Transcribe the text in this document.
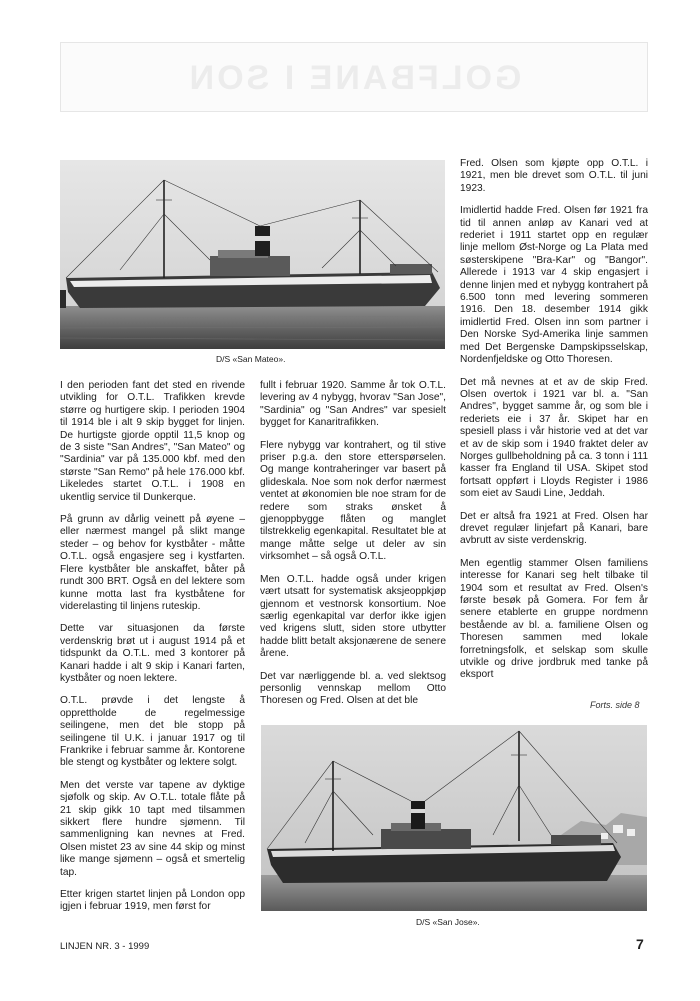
GOLFBANE I SON
D/S «San Mateo».

I den perioden fant det sted en rivende utvikling for O.T.L. Trafikken krevde større og hurtigere skip. I perioden 1904 til 1914 ble i alt 9 skip bygget for linjen. De hurtigste gjorde opptil 11,5 knop og de 3 siste "San Andres", "San Mateo" og "Sardinia" var på 135.000 kbf. med den største "San Remo" på hele 176.000 kbf. Likeledes startet O.T.L. i 1908 en ukentlig service til Dunkerque.

På grunn av dårlig veinett på øyene – eller nærmest mangel på slikt mange steder – og behov for kystbåter - måtte O.T.L. også engasjere seg i kystfarten. Flere kystbåter ble anskaffet, båter på rundt 300 BRT. Også en del lektere som kunne motta last fra kystbåtene for viderelasting til linjens ruteskip.

Dette var situasjonen da første verdenskrig brøt ut i august 1914 på et tidspunkt da O.T.L. med 3 kontorer på Kanari hadde i alt 9 skip i Kanari farten, kystbåter og noen lektere.

O.T.L. prøvde i det lengste å opprettholde de regelmessige seilingene, men det ble stopp på seilingene til U.K. i januar 1917 og til Frankrike i februar samme år. Kontorene ble stengt og kystbåter og lektere solgt.

Men det verste var tapene av dyktige sjøfolk og skip. Av O.T.L. totale flåte på 21 skip gikk 10 tapt med tilsammen sikkert flere hundre sjømenn. Til sammenligning kan nevnes at Fred. Olsen mistet 23 av sine 44 skip og minst like mange sjømenn – også et smertelig tap.

Etter krigen startet linjen på London opp igjen i februar 1919, men først for

fullt i februar 1920. Samme år tok O.T.L. levering av 4 nybygg, hvorav "San Jose", "Sardinia" og "San Andres" var spesielt bygget for Kanaritrafikken.

Flere nybygg var kontrahert, og til stive priser p.g.a. den store etterspørselen. Og mange kontraheringer var basert på glideskala. Noe som nok derfor nærmest ventet at økonomien ble noe stram for de redere som straks ønsket å gjenoppbygge flåten og manglet tilstrekkelig egenkapital. Resultatet ble at mange måtte selge ut deler av sin virksomhet – så også O.T.L.

Men O.T.L. hadde også under krigen vært utsatt for systematisk aksjeoppkjøp gjennom et vestnorsk konsortium. Noe særlig egenkapital var derfor ikke igjen ved krigens slutt, siden store utbytter hadde blitt betalt aksjonærene de senere årene.

Det var nærliggende bl. a. ved slektsog personlig vennskap mellom Otto Thoresen og Fred. Olsen at det ble

Fred. Olsen som kjøpte opp O.T.L. i 1921, men ble drevet som O.T.L. til juni 1923.

Imidlertid hadde Fred. Olsen før 1921 fra tid til annen anløp av Kanari ved at rederiet i 1911 startet opp en regulær linje mellom Øst-Norge og La Plata med søsterskipene "Bra-Kar" og "Bangor". Allerede i 1913 var 4 skip engasjert i denne linjen med et nybygg kontrahert på 6.500 tonn med levering sommeren 1916. Den 18. desember 1914 gikk imidlertid Fred. Olsen inn som partner i Den Norske Syd-Amerika linje sammen med Det Bergenske Dampskipsselskap, Nordenfjeldske og Otto Thoresen.

Det må nevnes at et av de skip Fred. Olsen overtok i 1921 var bl. a. "San Andres", bygget samme år, og som ble i rederiets eie i 37 år. Skipet har en spesiell plass i vår historie ved at det var et av de skip som i 1940 fraktet deler av Norges gullbeholdning på ca. 3 tonn i 111 kasser fra England til USA. Skipet stod fortsatt oppført i Lloyds Register i 1986 som eiet av Saudi Line, Jeddah.

Det er altså fra 1921 at Fred. Olsen har drevet regulær linjefart på Kanari, bare avbrutt av siste verdenskrig.

Men egentlig stammer Olsen familiens interesse for Kanari seg helt tilbake til 1904 som et resultat av Fred. Olsen's første besøk på Gomera. For fem år senere etablerte en gruppe nordmenn bestående av bl. a. familiene Olsen og Thoresen sammen med lokale forretningsfolk, et selskap som skulle utvikle og drive jordbruk med tanke på eksport

Forts. side 8
D/S «San Jose».
LINJEN NR. 3 - 1999	7
